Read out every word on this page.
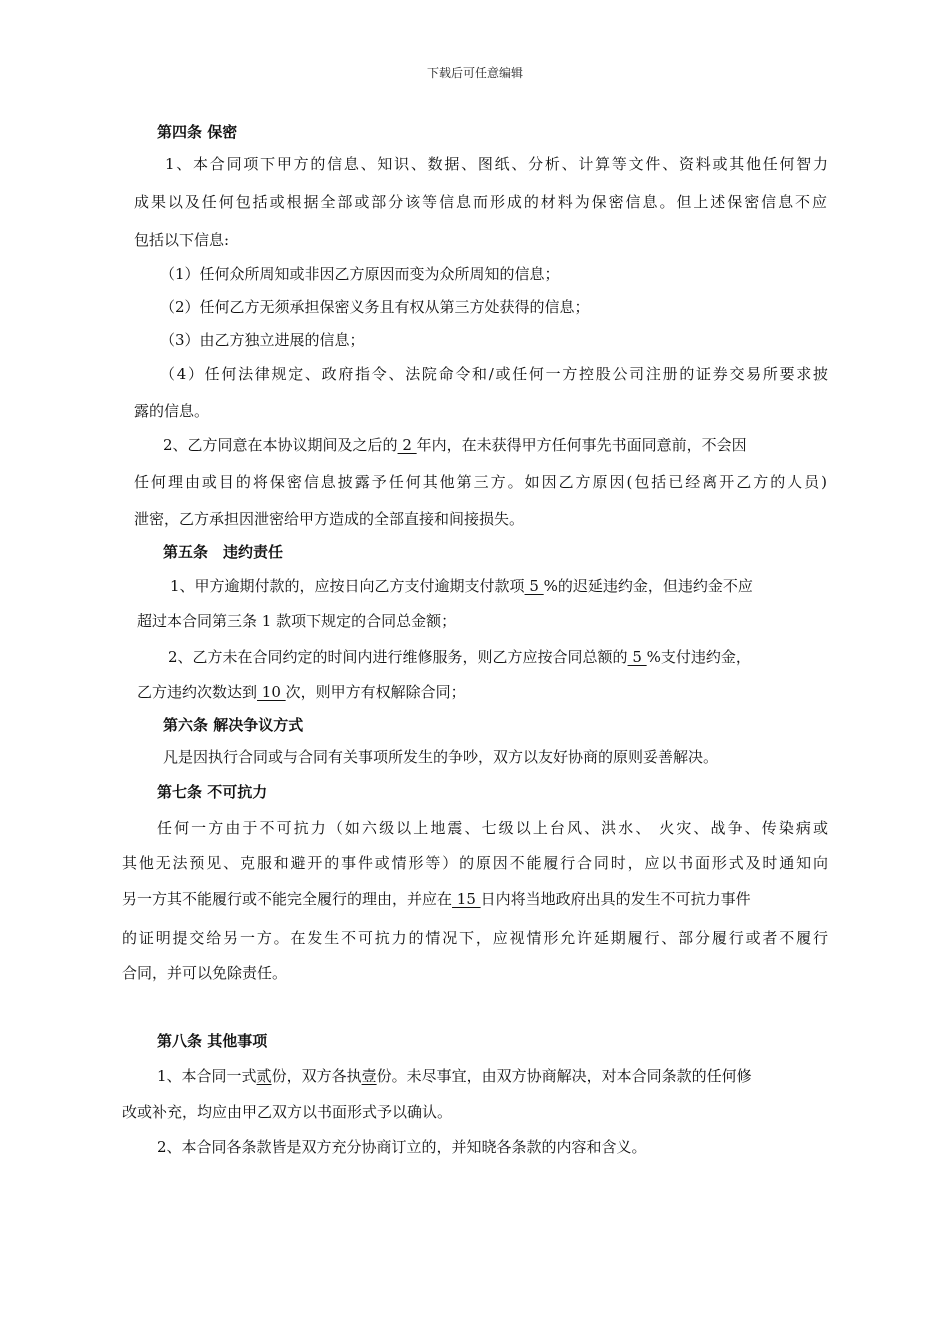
下载后可任意编辑
第四条 保密
1、本合同项下甲方的信息、知识、数据、图纸、分析、计算等文件、资料或其他任何智力
成果以及任何包括或根据全部或部分该等信息而形成的材料为保密信息。但上述保密信息不应
包括以下信息:
（1）任何众所周知或非因乙方原因而变为众所周知的信息；
（2）任何乙方无须承担保密义务且有权从第三方处获得的信息；
（3）由乙方独立进展的信息；
（4）任何法律规定、政府指令、法院命令和/或任何一方控股公司注册的证券交易所要求披
露的信息。
2、乙方同意在本协议期间及之后的 2 年内，在未获得甲方任何事先书面同意前，不会因
任何理由或目的将保密信息披露予任何其他第三方。如因乙方原因(包括已经离开乙方的人员)
泄密，乙方承担因泄密给甲方造成的全部直接和间接损失。
第五条　违约责任
1、甲方逾期付款的，应按日向乙方支付逾期支付款项 5 %的迟延违约金，但违约金不应
超过本合同第三条 1 款项下规定的合同总金额；
2、乙方未在合同约定的时间内进行维修服务，则乙方应按合同总额的 5 %支付违约金，
乙方违约次数达到 10 次，则甲方有权解除合同；
第六条 解决争议方式
凡是因执行合同或与合同有关事项所发生的争吵，双方以友好协商的原则妥善解决。
第七条 不可抗力
任何一方由于不可抗力（如六级以上地震、七级以上台风、洪水、 火灾、战争、传染病或
其他无法预见、克服和避开的事件或情形等）的原因不能履行合同时，应以书面形式及时通知向
另一方其不能履行或不能完全履行的理由，并应在 15 日内将当地政府出具的发生不可抗力事件
的证明提交给另一方。在发生不可抗力的情况下，应视情形允许延期履行、部分履行或者不履行
合同，并可以免除责任。
第八条 其他事项
1、本合同一式贰份，双方各执壹份。未尽事宜，由双方协商解决，对本合同条款的任何修
改或补充，均应由甲乙双方以书面形式予以确认。
2、本合同各条款皆是双方充分协商订立的，并知晓各条款的内容和含义。
